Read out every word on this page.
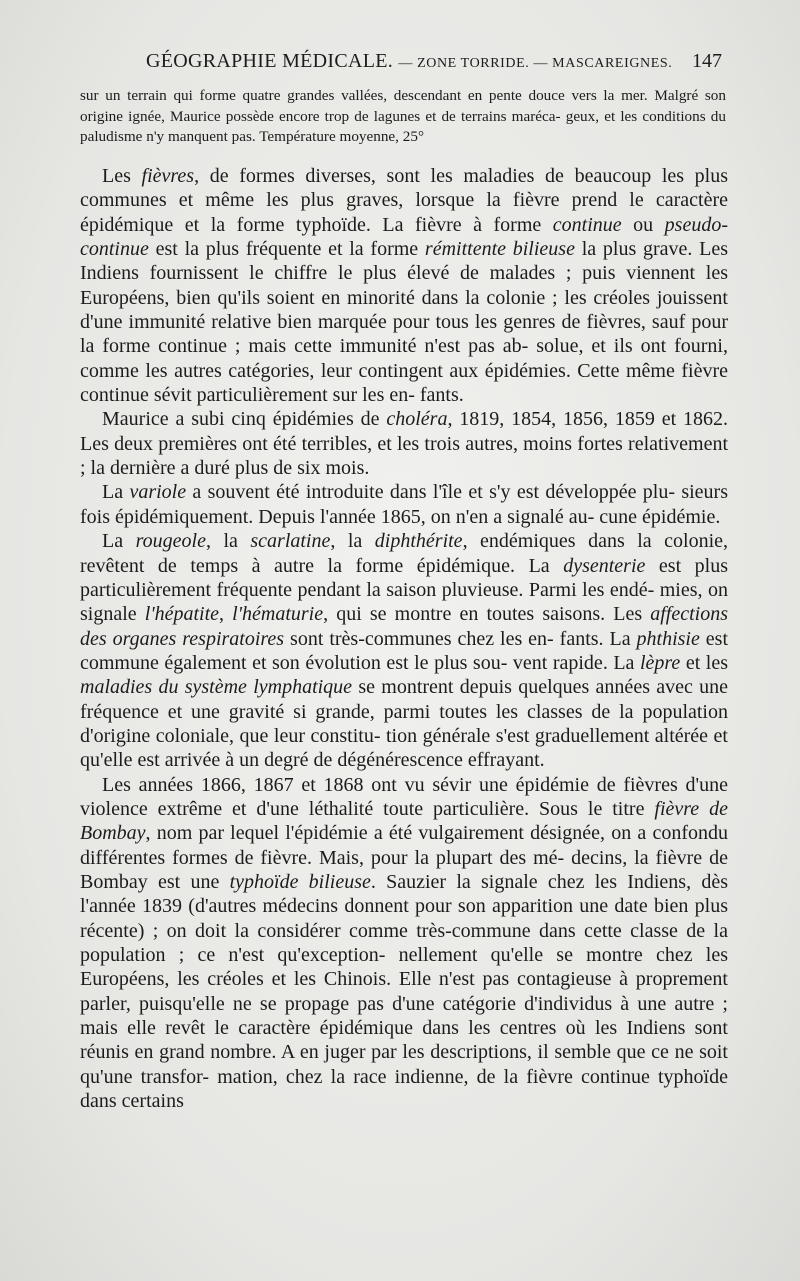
GÉOGRAPHIE MÉDICALE. — ZONE TORRIDE. — MASCAREIGNES. 147

sur un terrain qui forme quatre grandes vallées, descendant en pente douce vers la mer. Malgré son origine ignée, Maurice possède encore trop de lagunes et de terrains maréca- geux, et les conditions du paludisme n'y manquent pas. Température moyenne, 25°

Les fièvres, de formes diverses, sont les maladies de beaucoup les plus communes et même les plus graves, lorsque la fièvre prend le caractère épidémique et la forme typhoïde. La fièvre à forme continue ou pseudo- continue est la plus fréquente et la forme rémittente bilieuse la plus grave. Les Indiens fournissent le chiffre le plus élevé de malades ; puis viennent les Européens, bien qu'ils soient en minorité dans la colonie ; les créoles jouissent d'une immunité relative bien marquée pour tous les genres de fièvres, sauf pour la forme continue ; mais cette immunité n'est pas ab- solue, et ils ont fourni, comme les autres catégories, leur contingent aux épidémies. Cette même fièvre continue sévit particulièrement sur les en- fants.

Maurice a subi cinq épidémies de choléra, 1819, 1854, 1856, 1859 et 1862. Les deux premières ont été terribles, et les trois autres, moins fortes relativement ; la dernière a duré plus de six mois.

La variole a souvent été introduite dans l'île et s'y est développée plu- sieurs fois épidémiquement. Depuis l'année 1865, on n'en a signalé au- cune épidémie.

La rougeole, la scarlatine, la diphthérite, endémiques dans la colonie, revêtent de temps à autre la forme épidémique. La dysenterie est plus particulièrement fréquente pendant la saison pluvieuse. Parmi les endé- mies, on signale l'hépatite, l'hématurie, qui se montre en toutes saisons. Les affections des organes respiratoires sont très-communes chez les en- fants. La phthisie est commune également et son évolution est le plus sou- vent rapide. La lèpre et les maladies du système lymphatique se montrent depuis quelques années avec une fréquence et une gravité si grande, parmi toutes les classes de la population d'origine coloniale, que leur constitu- tion générale s'est graduellement altérée et qu'elle est arrivée à un degré de dégénérescence effrayant.

Les années 1866, 1867 et 1868 ont vu sévir une épidémie de fièvres d'une violence extrême et d'une léthalité toute particulière. Sous le titre fièvre de Bombay, nom par lequel l'épidémie a été vulgairement désignée, on a confondu différentes formes de fièvre. Mais, pour la plupart des mé- decins, la fièvre de Bombay est une typhoïde bilieuse. Sauzier la signale chez les Indiens, dès l'année 1839 (d'autres médecins donnent pour son apparition une date bien plus récente) ; on doit la considérer comme très-commune dans cette classe de la population ; ce n'est qu'exception- nellement qu'elle se montre chez les Européens, les créoles et les Chinois. Elle n'est pas contagieuse à proprement parler, puisqu'elle ne se propage pas d'une catégorie d'individus à une autre ; mais elle revêt le caractère épidémique dans les centres où les Indiens sont réunis en grand nombre. A en juger par les descriptions, il semble que ce ne soit qu'une transfor- mation, chez la race indienne, de la fièvre continue typhoïde dans certains
